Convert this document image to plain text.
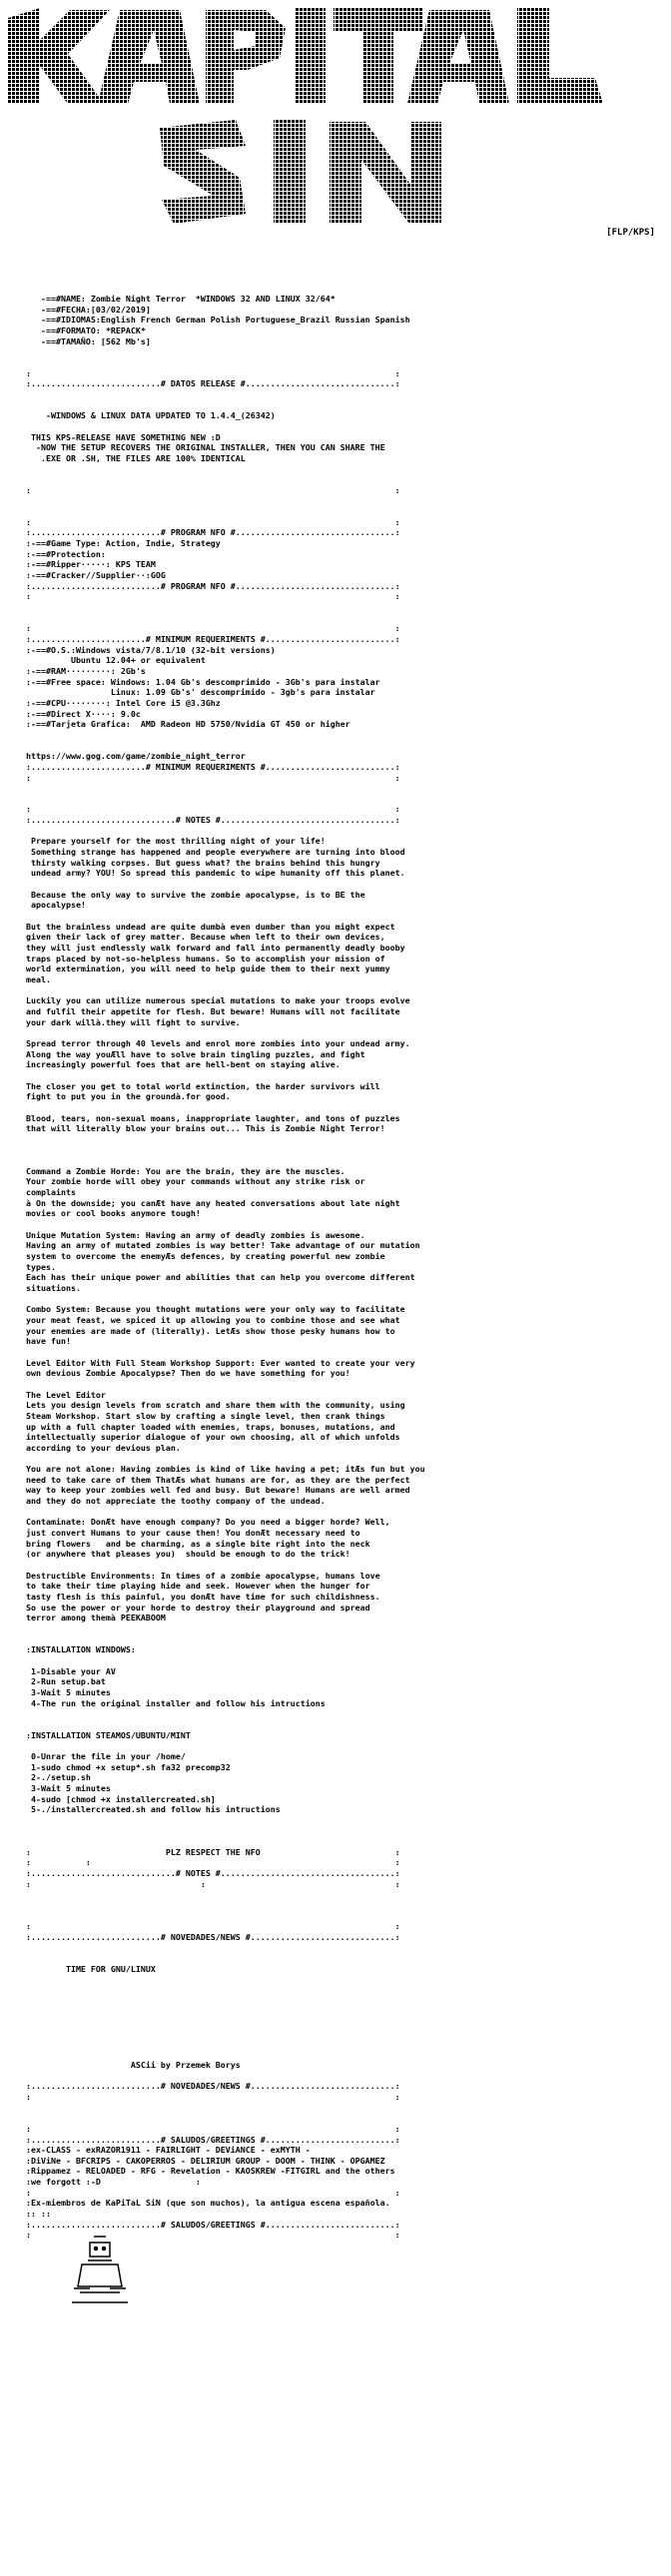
[FLP/KPS]

-==#NAME: Zombie Night Terror  *WINDOWS 32 AND LINUX 32/64*
-==#FECHA:[03/02/2019]
-==#IDIOMAS:English French German Polish Portuguese_Brazil Russian Spanish
-==#FORMATO: *REPACK*
-==#TAMAÑO: [562 Mb's]

:                                                                         :
:..........................# DATOS RELEASE #..............................:

-WINDOWS & LINUX DATA UPDATED TO 1.4.4_(26342)

THIS KPS-RELEASE HAVE SOMETHING NEW :D
-NOW THE SETUP RECOVERS THE ORIGINAL INSTALLER, THEN YOU CAN SHARE THE
.EXE OR .SH, THE FILES ARE 100% IDENTICAL

:                                                                         :

:                                                                         :
:..........................# PROGRAM NFO #................................:
:-==#Game Type: Action, Indie, Strategy
:-==#Protection:
:-==#Ripper·····: KPS TEAM
:-==#Cracker//Supplier··:GOG
:..........................# PROGRAM NFO #................................:
:                                                                         :

:                                                                         :
:.......................# MINIMUM REQUERIMENTS #..........................:
:-==#O.S.:Windows vista/7/8.1/10 (32-bit versions)
Ubuntu 12.04+ or equivalent
:-==#RAM·········: 2Gb's
:-==#Free space: Windows: 1.04 Gb's descomprimido - 3Gb's para instalar
Linux: 1.09 Gb's' descomprimido - 3gb's para instalar
:-==#CPU········: Intel Core i5 @3.3Ghz
:-==#Direct X····: 9.0c
:-==#Tarjeta Grafica:  AMD Radeon HD 5750/Nvidia GT 450 or higher

https://www.gog.com/game/zombie_night_terror
:.......................# MINIMUM REQUERIMENTS #..........................:
:                                                                         :

:                                                                         :
:.............................# NOTES #...................................:

Prepare yourself for the most thrilling night of your life!
Something strange has happened and people everywhere are turning into blood
thirsty walking corpses. But guess what? the brains behind this hungry
undead army? YOU! So spread this pandemic to wipe humanity off this planet.

Because the only way to survive the zombie apocalypse, is to BE the
apocalypse!

But the brainless undead are quite dumbà even dumber than you might expect
given their lack of grey matter. Because when left to their own devices,
they will just endlessly walk forward and fall into permanently deadly booby
traps placed by not-so-helpless humans. So to accomplish your mission of
world extermination, you will need to help guide them to their next yummy
meal.

Luckily you can utilize numerous special mutations to make your troops evolve
and fulfil their appetite for flesh. But beware! Humans will not facilitate
your dark willà.they will fight to survive.

Spread terror through 40 levels and enrol more zombies into your undead army.
Along the way youÆll have to solve brain tingling puzzles, and fight
increasingly powerful foes that are hell-bent on staying alive.

The closer you get to total world extinction, the harder survivors will
fight to put you in the groundà.for good.

Blood, tears, non-sexual moans, inappropriate laughter, and tons of puzzles
that will literally blow your brains out... This is Zombie Night Terror!

Command a Zombie Horde: You are the brain, they are the muscles.
Your zombie horde will obey your commands without any strike risk or
complaints
à On the downside; you canÆt have any heated conversations about late night
movies or cool books anymore tough!

Unique Mutation System: Having an army of deadly zombies is awesome.
Having an army of mutated zombies is way better! Take advantage of our mutation
system to overcome the enemyÆs defences, by creating powerful new zombie
types.
Each has their unique power and abilities that can help you overcome different
situations.

Combo System: Because you thought mutations were your only way to facilitate
your meat feast, we spiced it up allowing you to combine those and see what
your enemies are made of (literally). LetÆs show those pesky humans how to
have fun!

Level Editor With Full Steam Workshop Support: Ever wanted to create your very
own devious Zombie Apocalypse? Then do we have something for you!

The Level Editor
Lets you design levels from scratch and share them with the community, using
Steam Workshop. Start slow by crafting a single level, then crank things
up with a full chapter loaded with enemies, traps, bonuses, mutations, and
intellectually superior dialogue of your own choosing, all of which unfolds
according to your devious plan.

You are not alone: Having zombies is kind of like having a pet; itÆs fun but you
need to take care of them ThatÆs what humans are for, as they are the perfect
way to keep your zombies well fed and busy. But beware! Humans are well armed
and they do not appreciate the toothy company of the undead.

Contaminate: DonÆt have enough company? Do you need a bigger horde? Well,
just convert Humans to your cause then! You donÆt necessary need to
bring flowers   and be charming, as a single bite right into the neck
(or anywhere that pleases you)  should be enough to do the trick!

Destructible Environments: In times of a zombie apocalypse, humans love
to take their time playing hide and seek. However when the hunger for
tasty flesh is this painful, you donÆt have time for such childishness.
So use the power or your horde to destroy their playground and spread
terror among themà PEEKABOOM

:INSTALLATION WINDOWS:

1-Disable your AV
2-Run setup.bat
3-Wait 5 minutes
4-The run the original installer and follow his intructions

:INSTALLATION STEAMOS/UBUNTU/MINT

0-Unrar the file in your /home/
1-sudo chmod +x setup*.sh fa32 precomp32
2-./setup.sh
3-Wait 5 minutes
4-sudo [chmod +x installercreated.sh]
5-./installercreated.sh and follow his intructions

:                           PLZ RESPECT THE NFO                           :
:           :                                                             :
:.............................# NOTES #...................................:
:                                  :                                      :

:                                                                         :
:..........................# NOVEDADES/NEWS #.............................:

TIME FOR GNU/LINUX

ASCii by Przemek Borys

:..........................# NOVEDADES/NEWS #.............................:
:                                                                         :

:                                                                         :
:..........................# SALUDOS/GREETINGS #..........................:
:ex-CLASS - exRAZOR1911 - FAIRLIGHT - DEViANCE - exMYTH -
:DiViNe - BFCRIPS - CAKOPERROS - DELIRIUM GROUP - DOOM - THINK - OPGAMEZ
:Rippamez - RELOADED - RFG - Revelation - KAOSKREW -FITGIRL and the others
:we forgott :-D                   :
:                                                                         :
:Ex-miembros de KaPiTaL SiN (que son muchos), la antigua escena española.
:: ::
:..........................# SALUDOS/GREETINGS #..........................:
:                                                                         :
